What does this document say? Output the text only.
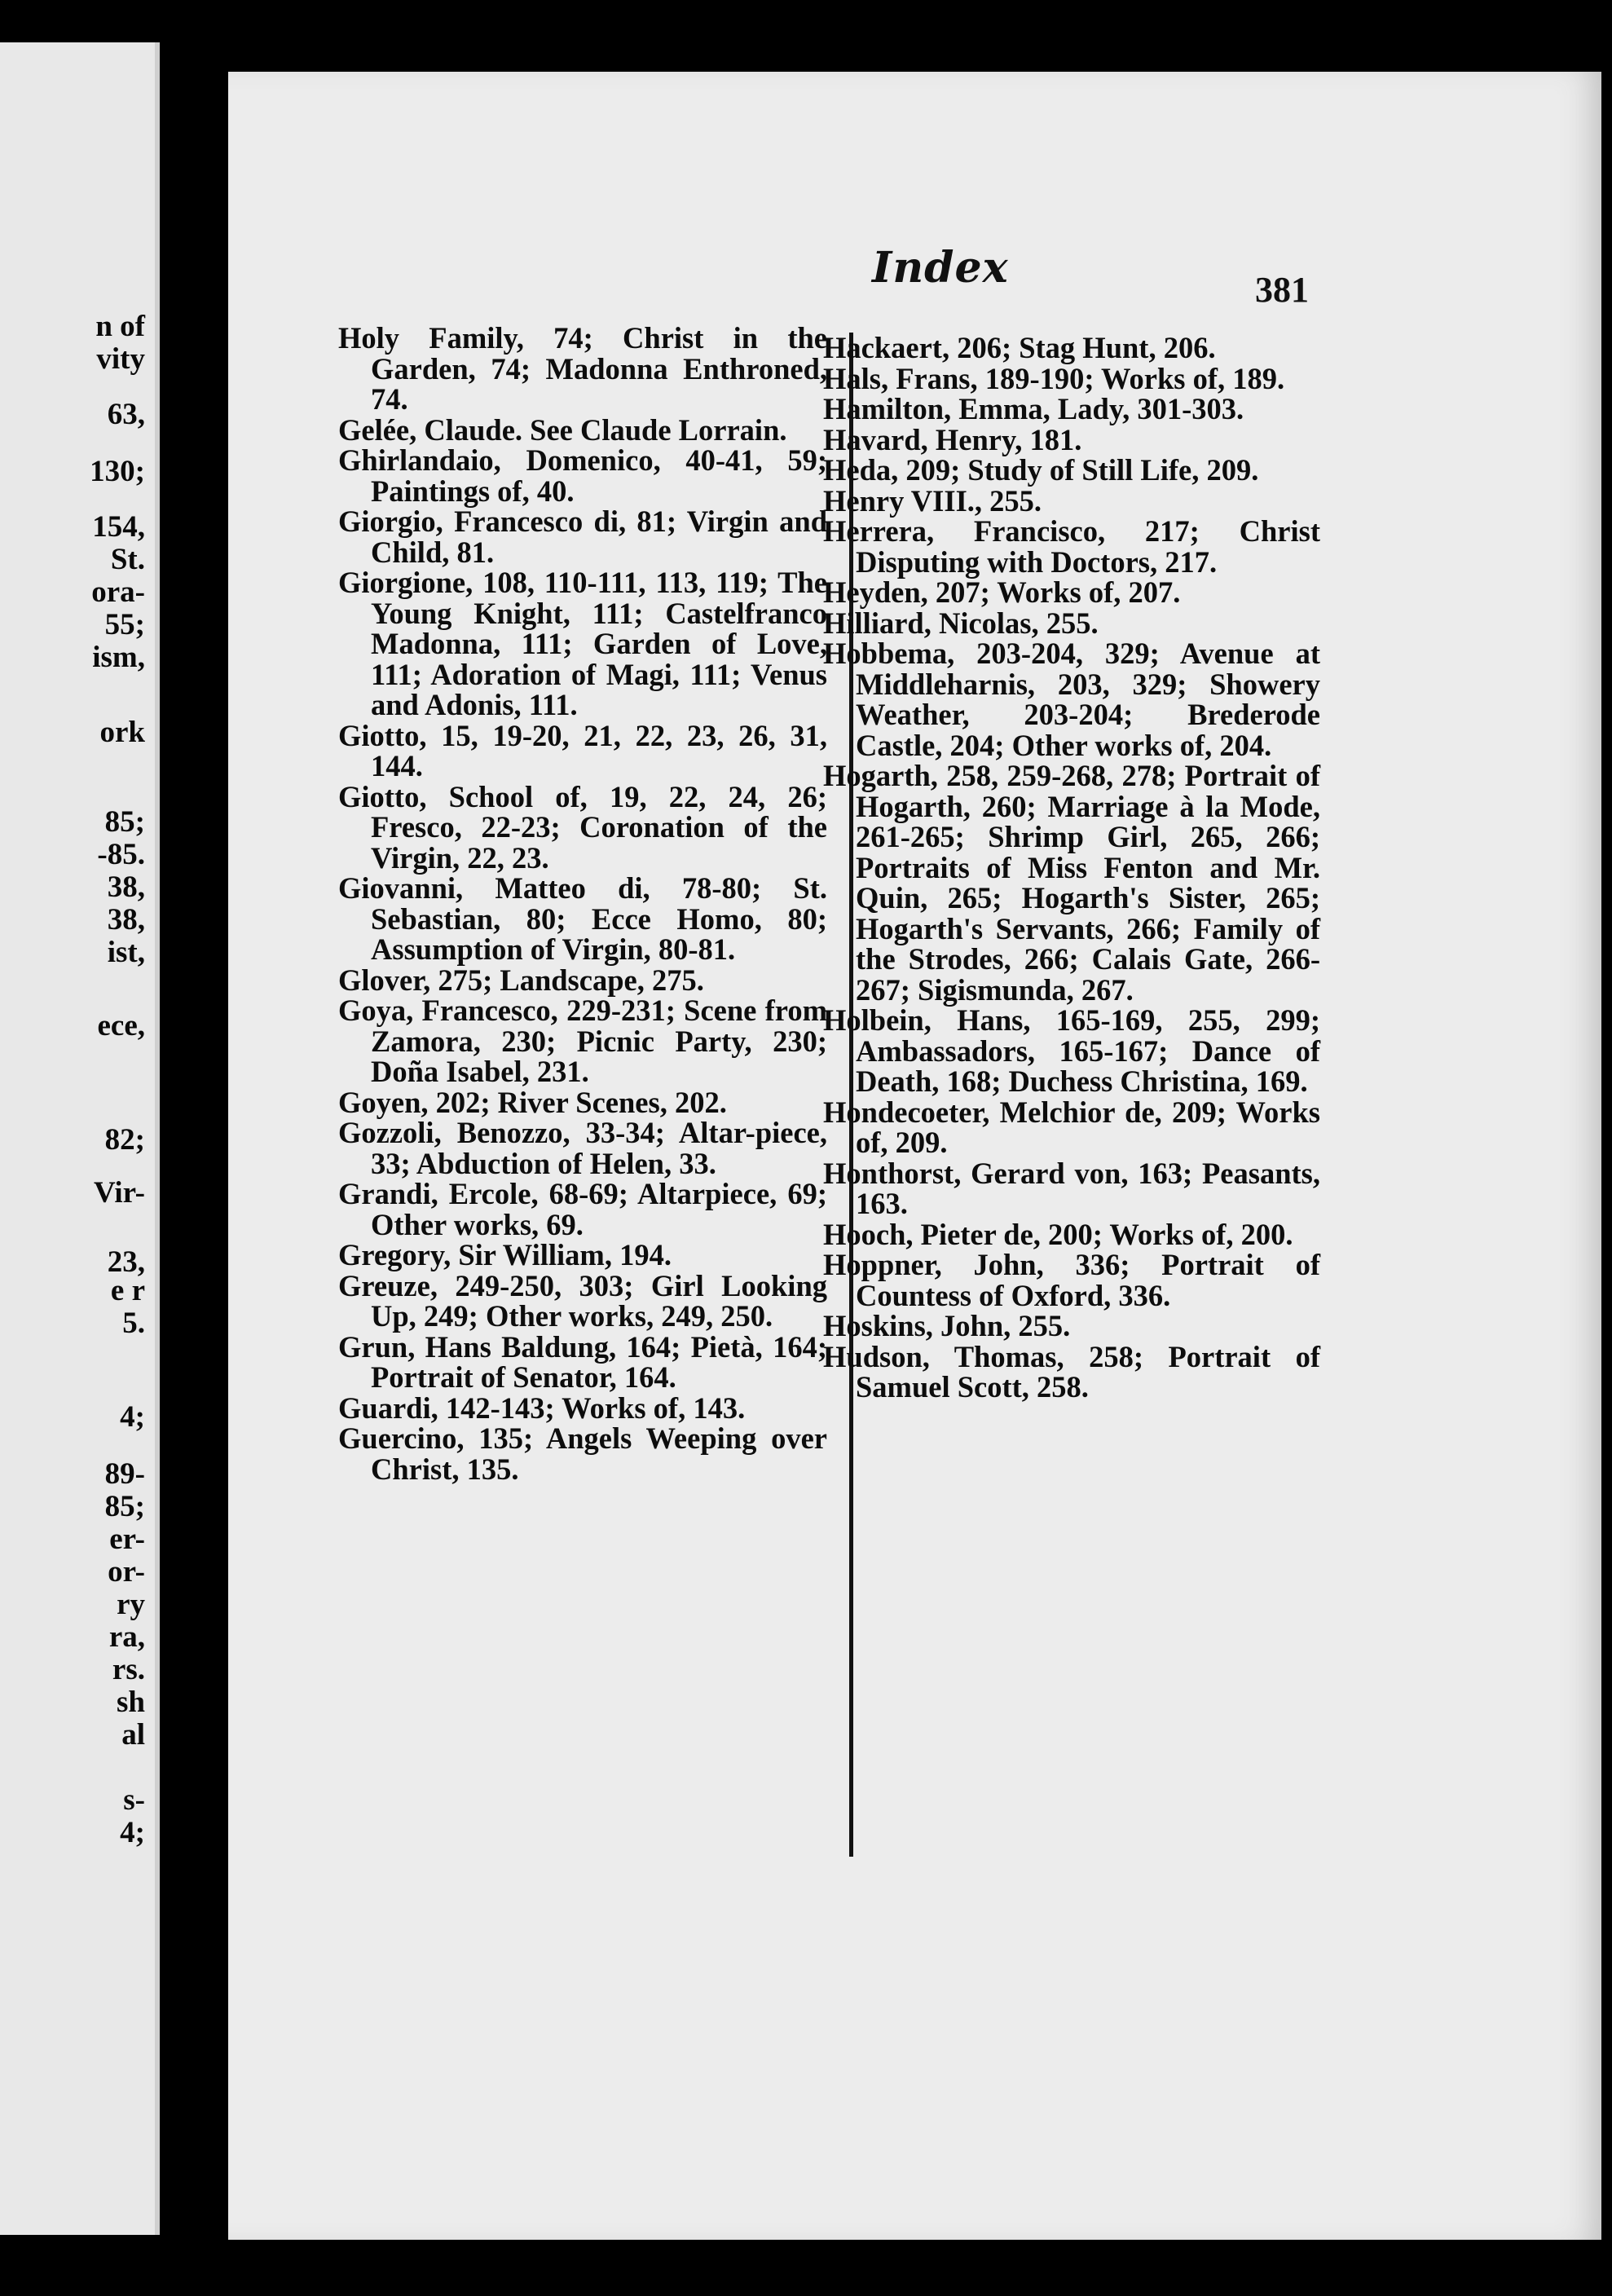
n of
vity
63,
130;
154,
St.
ora-
55;
ism,
ork
85;
-85.
38,
38,
ist,
ece,
82;
Vir-
23,
e r
5.
4;
89-
85;
er-
or-
ry
ra,
rs.
sh
al
s-
4;
Index	381
Holy Family, 74; Christ in the Garden, 74; Madonna Enthroned, 74.
Gelée, Claude. See Claude Lorrain.
Ghirlandaio, Domenico, 40-41, 59; Paintings of, 40.
Giorgio, Francesco di, 81; Virgin and Child, 81.
Giorgione, 108, 110-111, 113, 119; The Young Knight, 111; Castelfranco Madonna, 111; Garden of Love, 111; Adoration of Magi, 111; Venus and Adonis, 111.
Giotto, 15, 19-20, 21, 22, 23, 26, 31, 144.
Giotto, School of, 19, 22, 24, 26; Fresco, 22-23; Coronation of the Virgin, 22, 23.
Giovanni, Matteo di, 78-80; St. Sebastian, 80; Ecce Homo, 80; Assumption of Virgin, 80-81.
Glover, 275; Landscape, 275.
Goya, Francesco, 229-231; Scene from Zamora, 230; Picnic Party, 230; Doña Isabel, 231.
Goyen, 202; River Scenes, 202.
Gozzoli, Benozzo, 33-34; Altar-piece, 33; Abduction of Helen, 33.
Grandi, Ercole, 68-69; Altarpiece, 69; Other works, 69.
Gregory, Sir William, 194.
Greuze, 249-250, 303; Girl Looking Up, 249; Other works, 249, 250.
Grun, Hans Baldung, 164; Pietà, 164; Portrait of Senator, 164.
Guardi, 142-143; Works of, 143.
Guercino, 135; Angels Weeping over Christ, 135.
Hackaert, 206; Stag Hunt, 206.
Hals, Frans, 189-190; Works of, 189.
Hamilton, Emma, Lady, 301-303.
Havard, Henry, 181.
Heda, 209; Study of Still Life, 209.
Henry VIII., 255.
Herrera, Francisco, 217; Christ Disputing with Doctors, 217.
Heyden, 207; Works of, 207.
Hilliard, Nicolas, 255.
Hobbema, 203-204, 329; Avenue at Middleharnis, 203, 329; Showery Weather, 203-204; Brederode Castle, 204; Other works of, 204.
Hogarth, 258, 259-268, 278; Portrait of Hogarth, 260; Marriage à la Mode, 261-265; Shrimp Girl, 265, 266; Portraits of Miss Fenton and Mr. Quin, 265; Hogarth's Sister, 265; Hogarth's Servants, 266; Family of the Strodes, 266; Calais Gate, 266-267; Sigismunda, 267.
Holbein, Hans, 165-169, 255, 299; Ambassadors, 165-167; Dance of Death, 168; Duchess Christina, 169.
Hondecoeter, Melchior de, 209; Works of, 209.
Honthorst, Gerard von, 163; Peasants, 163.
Hooch, Pieter de, 200; Works of, 200.
Hoppner, John, 336; Portrait of Countess of Oxford, 336.
Hoskins, John, 255.
Hudson, Thomas, 258; Portrait of Samuel Scott, 258.
